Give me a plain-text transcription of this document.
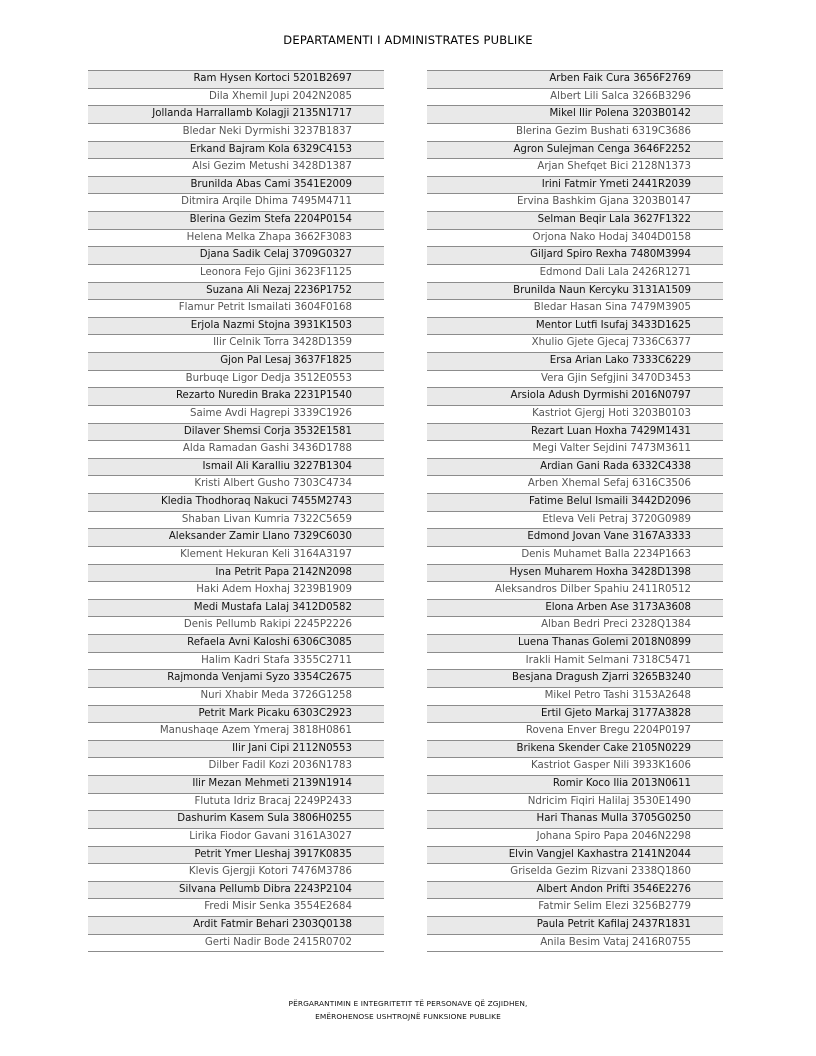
DEPARTAMENTI I ADMINISTRATES PUBLIKE
Ram Hysen Kortoci 5201B2697
Dila Xhemil Jupi 2042N2085
Jollanda Harrallamb Kolagji 2135N1717
Bledar Neki Dyrmishi 3237B1837
Erkand Bajram Kola 6329C4153
Alsi Gezim Metushi 3428D1387
Brunilda Abas Cami 3541E2009
Ditmira Arqile Dhima 7495M4711
Blerina Gezim Stefa 2204P0154
Helena Melka Zhapa 3662F3083
Djana Sadik Celaj 3709G0327
Leonora Fejo Gjini 3623F1125
Suzana Ali Nezaj 2236P1752
Flamur Petrit Ismailati 3604F0168
Erjola Nazmi Stojna 3931K1503
Ilir Celnik Torra 3428D1359
Gjon Pal Lesaj 3637F1825
Burbuqe Ligor Dedja 3512E0553
Rezarto Nuredin Braka 2231P1540
Saime Avdi Hagrepi 3339C1926
Dilaver Shemsi Corja 3532E1581
Alda Ramadan Gashi 3436D1788
Ismail Ali Karalliu 3227B1304
Kristi Albert Gusho 7303C4734
Kledia Thodhoraq Nakuci 7455M2743
Shaban Livan Kumria 7322C5659
Aleksander Zamir Llano 7329C6030
Klement Hekuran Keli 3164A3197
Ina Petrit Papa 2142N2098
Haki Adem Hoxhaj 3239B1909
Medi Mustafa Lalaj 3412D0582
Denis Pellumb Rakipi 2245P2226
Refaela Avni Kaloshi 6306C3085
Halim Kadri Stafa 3355C2711
Rajmonda Venjami Syzo 3354C2675
Nuri Xhabir Meda 3726G1258
Petrit Mark Picaku 6303C2923
Manushaqe Azem Ymeraj 3818H0861
Ilir Jani Cipi 2112N0553
Dilber Fadil Kozi 2036N1783
Ilir Mezan Mehmeti 2139N1914
Flututa Idriz Bracaj 2249P2433
Dashurim Kasem Sula 3806H0255
Lirika Fiodor Gavani 3161A3027
Petrit Ymer Lleshaj 3917K0835
Klevis Gjergji Kotori 7476M3786
Silvana Pellumb Dibra 2243P2104
Fredi Misir Senka 3554E2684
Ardit Fatmir Behari 2303Q0138
Gerti Nadir Bode 2415R0702
Arben Faik Cura 3656F2769
Albert Lili Salca 3266B3296
Mikel Ilir Polena 3203B0142
Blerina Gezim Bushati 6319C3686
Agron Sulejman Cenga 3646F2252
Arjan Shefqet Bici 2128N1373
Irini Fatmir Ymeti 2441R2039
Ervina Bashkim Gjana 3203B0147
Selman Beqir Lala 3627F1322
Orjona Nako Hodaj 3404D0158
Giljard Spiro Rexha 7480M3994
Edmond Dali Lala 2426R1271
Brunilda Naun Kercyku 3131A1509
Bledar Hasan Sina 7479M3905
Mentor Lutfi Isufaj 3433D1625
Xhulio Gjete Gjecaj 7336C6377
Ersa Arian Lako 7333C6229
Vera Gjin Sefgjini 3470D3453
Arsiola Adush Dyrmishi 2016N0797
Kastriot Gjergj Hoti 3203B0103
Rezart Luan Hoxha 7429M1431
Megi Valter Sejdini 7473M3611
Ardian Gani Rada 6332C4338
Arben Xhemal Sefaj 6316C3506
Fatime Belul Ismaili 3442D2096
Etleva Veli Petraj 3720G0989
Edmond Jovan Vane 3167A3333
Denis Muhamet Balla 2234P1663
Hysen Muharem Hoxha 3428D1398
Aleksandros Dilber Spahiu 2411R0512
Elona Arben Ase 3173A3608
Alban Bedri Preci 2328Q1384
Luena Thanas Golemi 2018N0899
Irakli Hamit Selmani 7318C5471
Besjana Dragush Zjarri 3265B3240
Mikel Petro Tashi 3153A2648
Ertil Gjeto Markaj 3177A3828
Rovena Enver Bregu 2204P0197
Brikena Skender Cake 2105N0229
Kastriot Gasper Nili 3933K1606
Romir Koco Ilia 2013N0611
Ndricim Fiqiri Halilaj 3530E1490
Hari Thanas Mulla 3705G0250
Johana Spiro Papa 2046N2298
Elvin Vangjel Kaxhastra 2141N2044
Griselda Gezim Rizvani 2338Q1860
Albert Andon Prifti 3546E2276
Fatmir Selim Elezi 3256B2779
Paula Petrit Kafilaj 2437R1831
Anila Besim Vataj 2416R0755
PËRGARANTIMIN E INTEGRITETIT TË PERSONAVE QË ZGJIDHEN,
EMËROHENOSE USHTROJNË FUNKSIONE PUBLIKE
